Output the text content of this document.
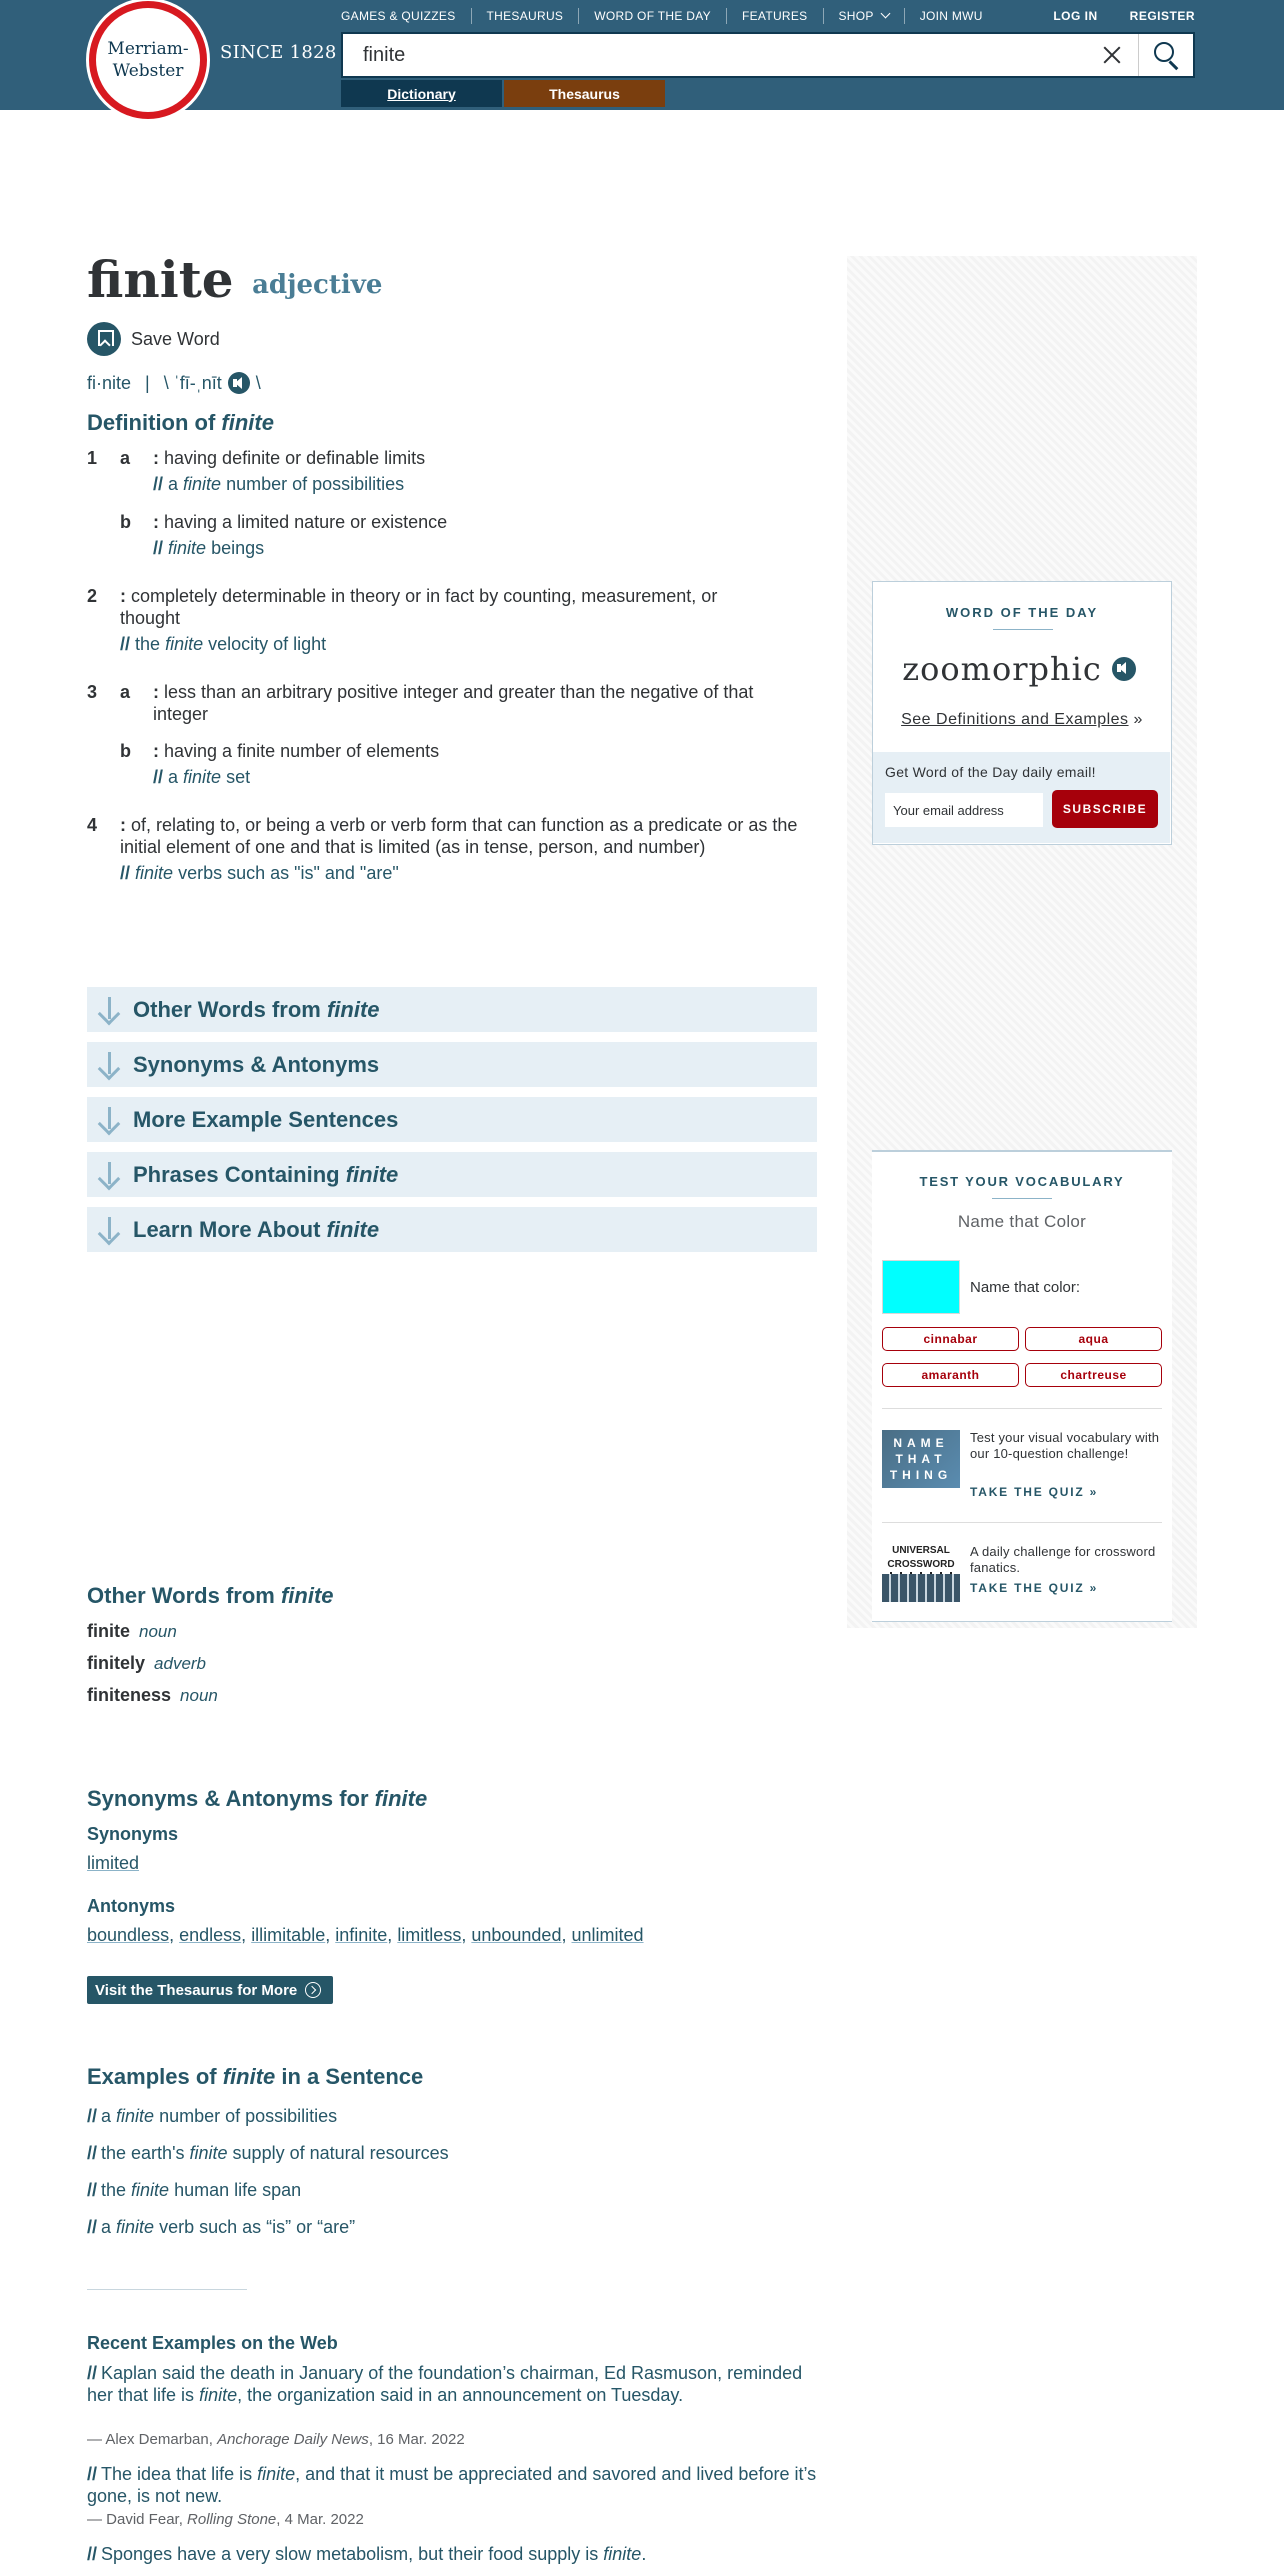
Merriam-
Webster
SINCE 1828
GAMES & QUIZZES	THESAURUS	WORD OF THE DAY	FEATURES	SHOP	JOIN MWU	LOG IN	REGISTER
finite
Dictionary	Thesaurus
finite adjective
Save Word
fi·nite | \ ˈfī-ˌnīt \
Definition of finite
1 a : having definite or definable limits
// a finite number of possibilities
b : having a limited nature or existence
// finite beings
2 : completely determinable in theory or in fact by counting, measurement, or thought
// the finite velocity of light
3 a : less than an arbitrary positive integer and greater than the negative of that integer
b : having a finite number of elements
// a finite set
4 : of, relating to, or being a verb or verb form that can function as a predicate or as the initial element of one and that is limited (as in tense, person, and number)
// finite verbs such as "is" and "are"
Other Words from
finite
Synonyms & Antonyms
More Example Sentences
Phrases Containing
finite
Learn More About
finite
Other Words from finite
finite noun
finitely adverb
finiteness noun
Synonyms & Antonyms for finite
Synonyms
limited
Antonyms
boundless, endless, illimitable, infinite, limitless, unbounded, unlimited
Visit the Thesaurus for More
Examples of finite in a Sentence
// a finite number of possibilities
// the earth's finite supply of natural resources
// the finite human life span
// a finite verb such as “is” or “are”
Recent Examples on the Web
// Kaplan said the death in January of the foundation’s chairman, Ed Rasmuson, reminded her that life is finite, the organization said in an announcement on Tuesday.
— Alex Demarban, Anchorage Daily News, 16 Mar. 2022
// The idea that life is finite, and that it must be appreciated and savored and lived before it’s gone, is not new.
— David Fear, Rolling Stone, 4 Mar. 2022
// Sponges have a very slow metabolism, but their food supply is finite.
WORD OF THE DAY
zoomorphic
See Definitions and Examples »
Get Word of the Day daily email!
Your email address
SUBSCRIBE
TEST YOUR VOCABULARY
Name that Color
Name that color:
cinnabar	aqua
amaranth	chartreuse
NAME THAT THING
Test your visual vocabulary with our 10-question challenge!
TAKE THE QUIZ »
UNIVERSAL
CROSSWORD
A daily challenge for crossword fanatics.
TAKE THE QUIZ »
